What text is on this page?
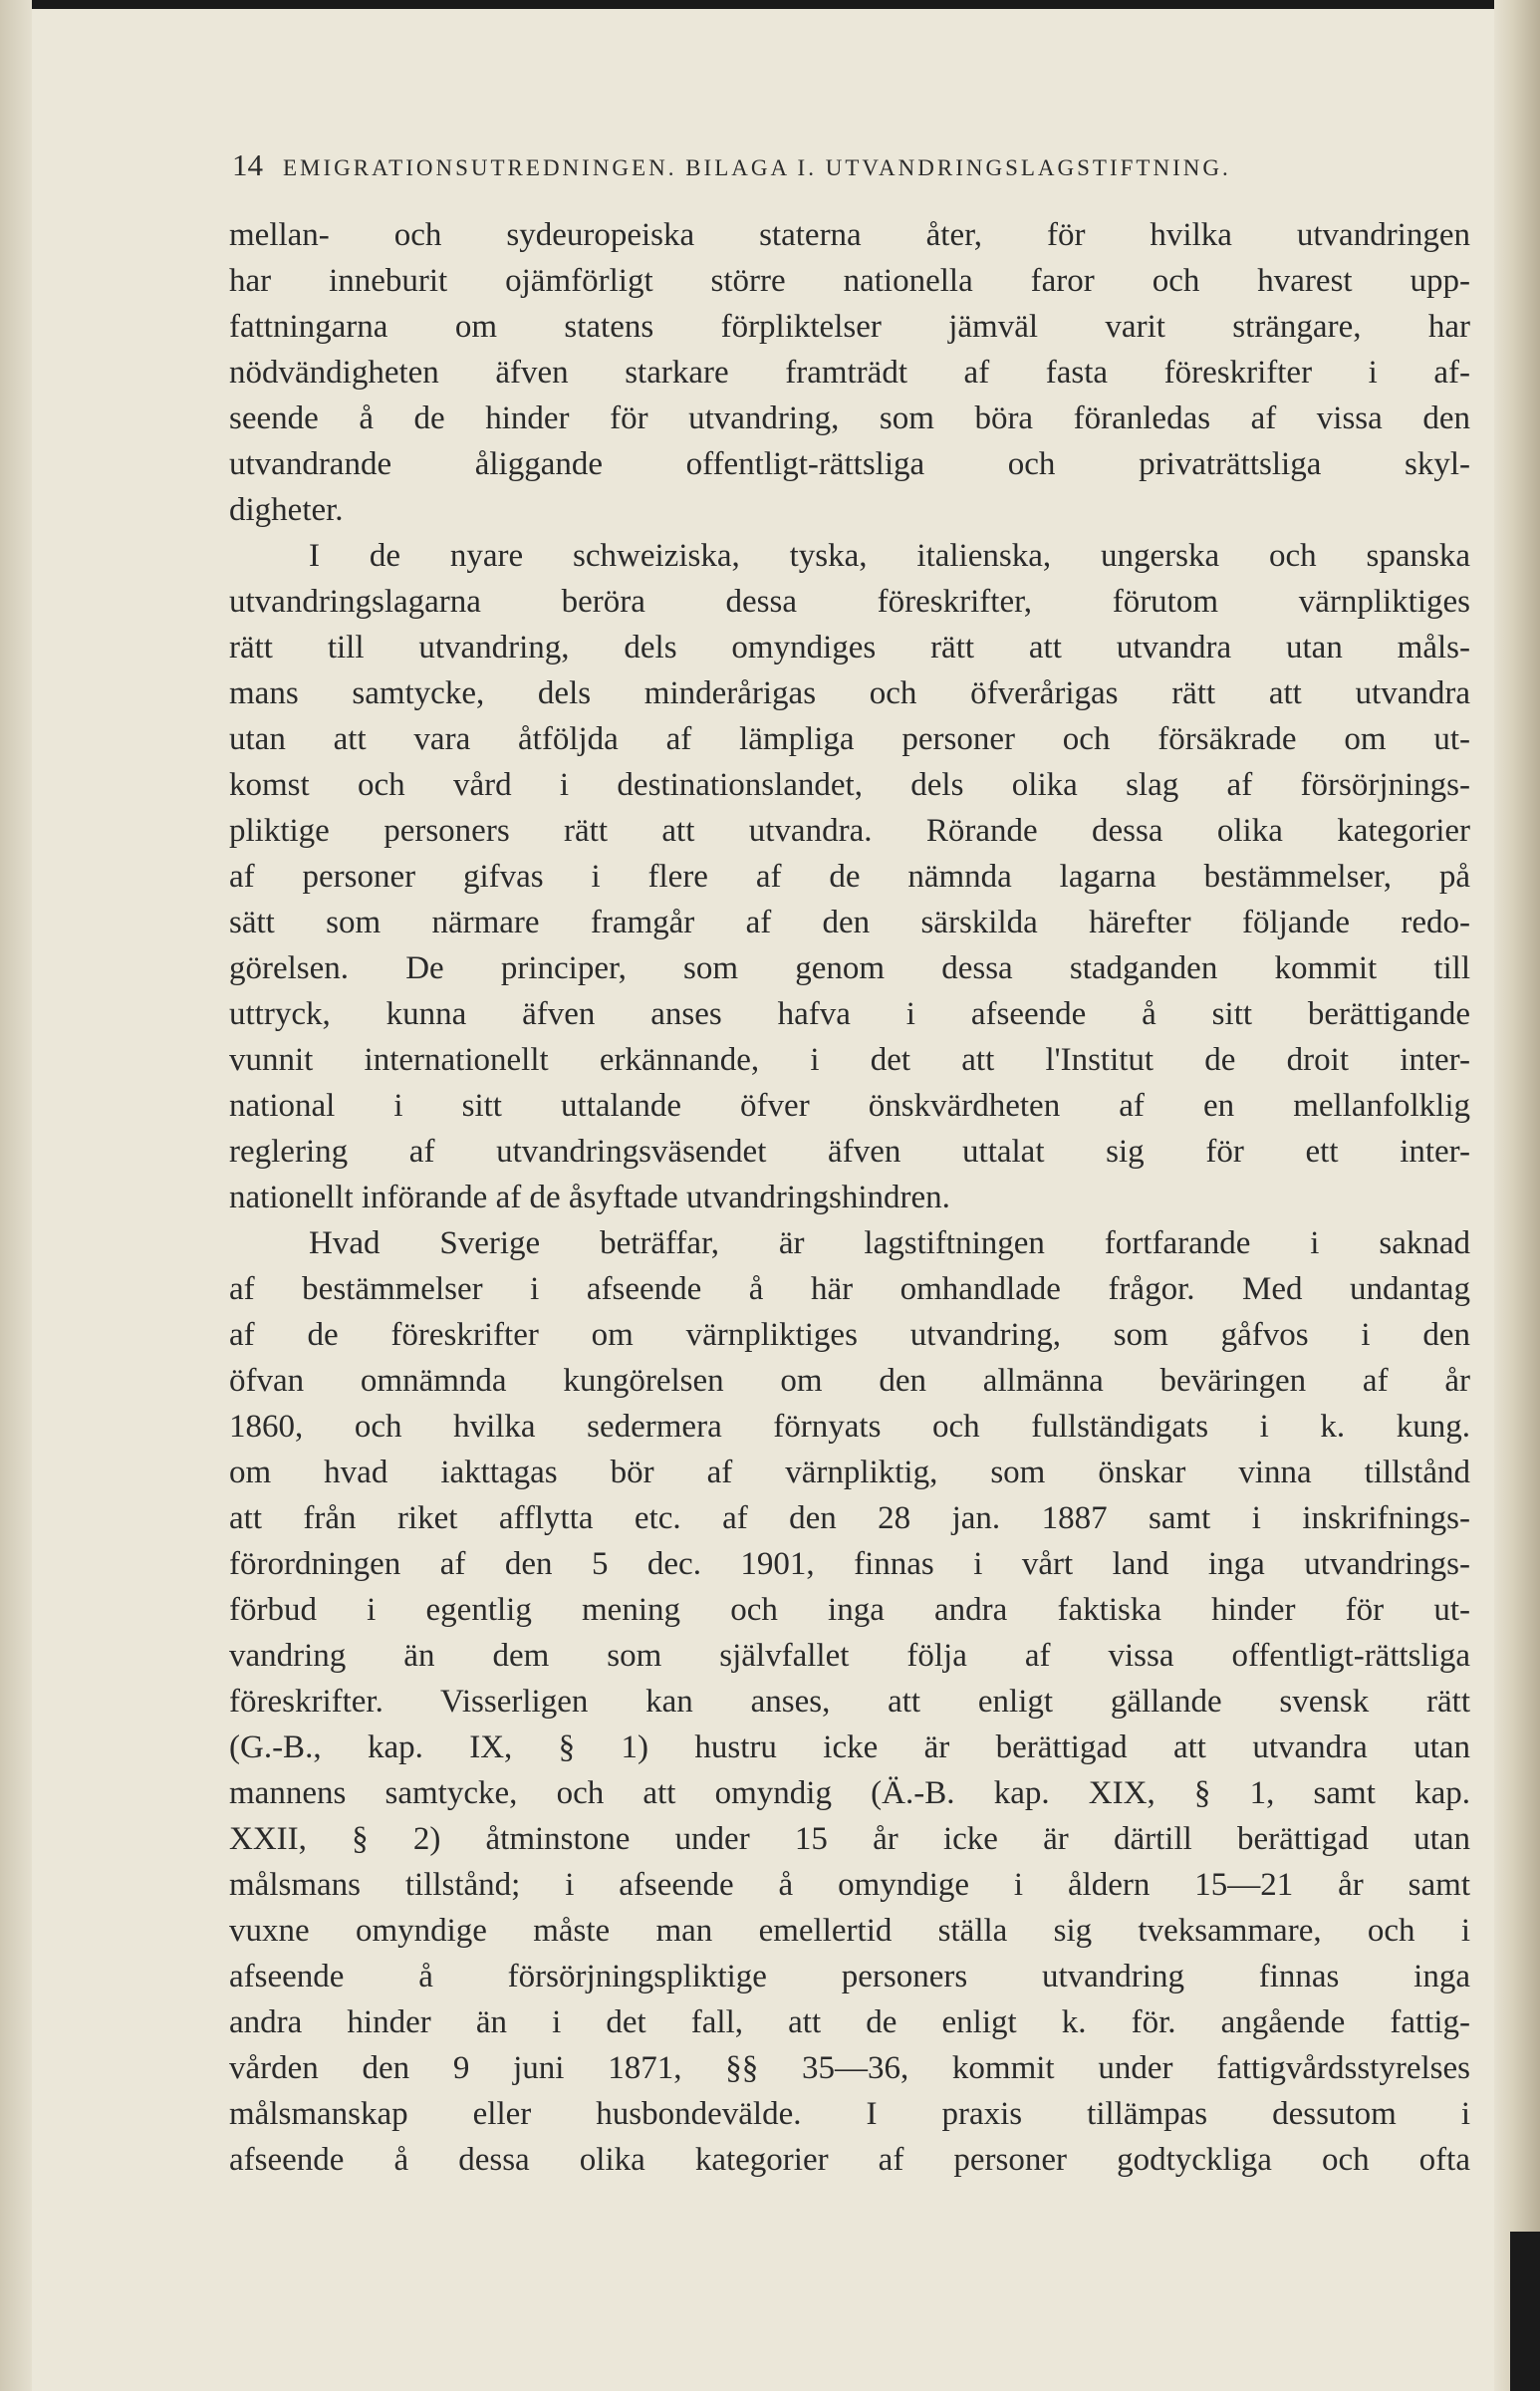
14 EMIGRATIONSUTREDNINGEN. BILAGA I. UTVANDRINGSLAGSTIFTNING.
mellan- och sydeuropeiska staterna åter, för hvilka utvandringen
har inneburit ojämförligt större nationella faror och hvarest upp-
fattningarna om statens förpliktelser jämväl varit strängare, har
nödvändigheten äfven starkare framträdt af fasta föreskrifter i af-
seende å de hinder för utvandring, som böra föranledas af vissa den
utvandrande åliggande offentligt-rättsliga och privaträttsliga skyl-
digheter.
I de nyare schweiziska, tyska, italienska, ungerska och spanska
utvandringslagarna beröra dessa föreskrifter, förutom värnpliktiges
rätt till utvandring, dels omyndiges rätt att utvandra utan måls-
mans samtycke, dels minderårigas och öfverårigas rätt att utvandra
utan att vara åtföljda af lämpliga personer och försäkrade om ut-
komst och vård i destinationslandet, dels olika slag af försörjnings-
pliktige personers rätt att utvandra. Rörande dessa olika kategorier
af personer gifvas i flere af de nämnda lagarna bestämmelser, på
sätt som närmare framgår af den särskilda härefter följande redo-
görelsen. De principer, som genom dessa stadganden kommit till
uttryck, kunna äfven anses hafva i afseende å sitt berättigande
vunnit internationellt erkännande, i det att l'Institut de droit inter-
national i sitt uttalande öfver önskvärdheten af en mellanfolklig
reglering af utvandringsväsendet äfven uttalat sig för ett inter-
nationellt införande af de åsyftade utvandringshindren.
Hvad Sverige beträffar, är lagstiftningen fortfarande i saknad
af bestämmelser i afseende å här omhandlade frågor. Med undantag
af de föreskrifter om värnpliktiges utvandring, som gåfvos i den
öfvan omnämnda kungörelsen om den allmänna beväringen af år
1860, och hvilka sedermera förnyats och fullständigats i k. kung.
om hvad iakttagas bör af värnpliktig, som önskar vinna tillstånd
att från riket afflytta etc. af den 28 jan. 1887 samt i inskrifnings-
förordningen af den 5 dec. 1901, finnas i vårt land inga utvandrings-
förbud i egentlig mening och inga andra faktiska hinder för ut-
vandring än dem som självfallet följa af vissa offentligt-rättsliga
föreskrifter. Visserligen kan anses, att enligt gällande svensk rätt
(G.-B., kap. IX, § 1) hustru icke är berättigad att utvandra utan
mannens samtycke, och att omyndig (Ä.-B. kap. XIX, § 1, samt kap.
XXII, § 2) åtminstone under 15 år icke är därtill berättigad utan
målsmans tillstånd; i afseende å omyndige i åldern 15—21 år samt
vuxne omyndige måste man emellertid ställa sig tveksammare, och i
afseende å försörjningspliktige personers utvandring finnas inga
andra hinder än i det fall, att de enligt k. för. angående fattig-
vården den 9 juni 1871, §§ 35—36, kommit under fattigvårdsstyrelses
målsmanskap eller husbondevälde. I praxis tillämpas dessutom i
afseende å dessa olika kategorier af personer godtyckliga och ofta
